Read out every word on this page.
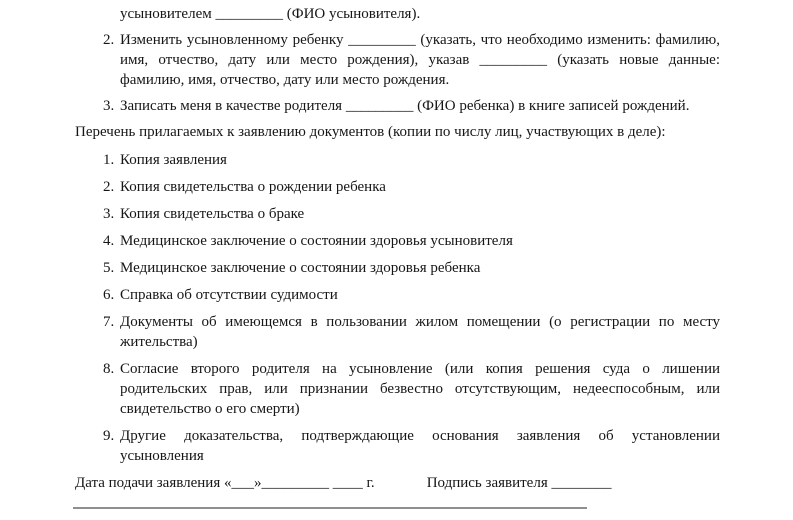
усыновителем _________ (ФИО усыновителя).
2. Изменить усыновленному ребенку _________ (указать, что необходимо изменить: фамилию, имя, отчество, дату или место рождения), указав _________ (указать новые данные: фамилию, имя, отчество, дату или место рождения.
3. Записать меня в качестве родителя _________ (ФИО ребенка) в книге записей рождений.
Перечень прилагаемых к заявлению документов (копии по числу лиц, участвующих в деле):
1. Копия заявления
2. Копия свидетельства о рождении ребенка
3. Копия свидетельства о браке
4. Медицинское заключение о состоянии здоровья усыновителя
5. Медицинское заключение о состоянии здоровья ребенка
6. Справка об отсутствии судимости
7. Документы об имеющемся в пользовании жилом помещении (о регистрации по месту жительства)
8. Согласие второго родителя на усыновление (или копия решения суда о лишении родительских прав, или признании безвестно отсутствующим, недееспособным, или свидетельство о его смерти)
9. Другие доказательства, подтверждающие основания заявления об установлении усыновления
Дата подачи заявления «___»_________ ____ г.	Подпись заявителя ________
